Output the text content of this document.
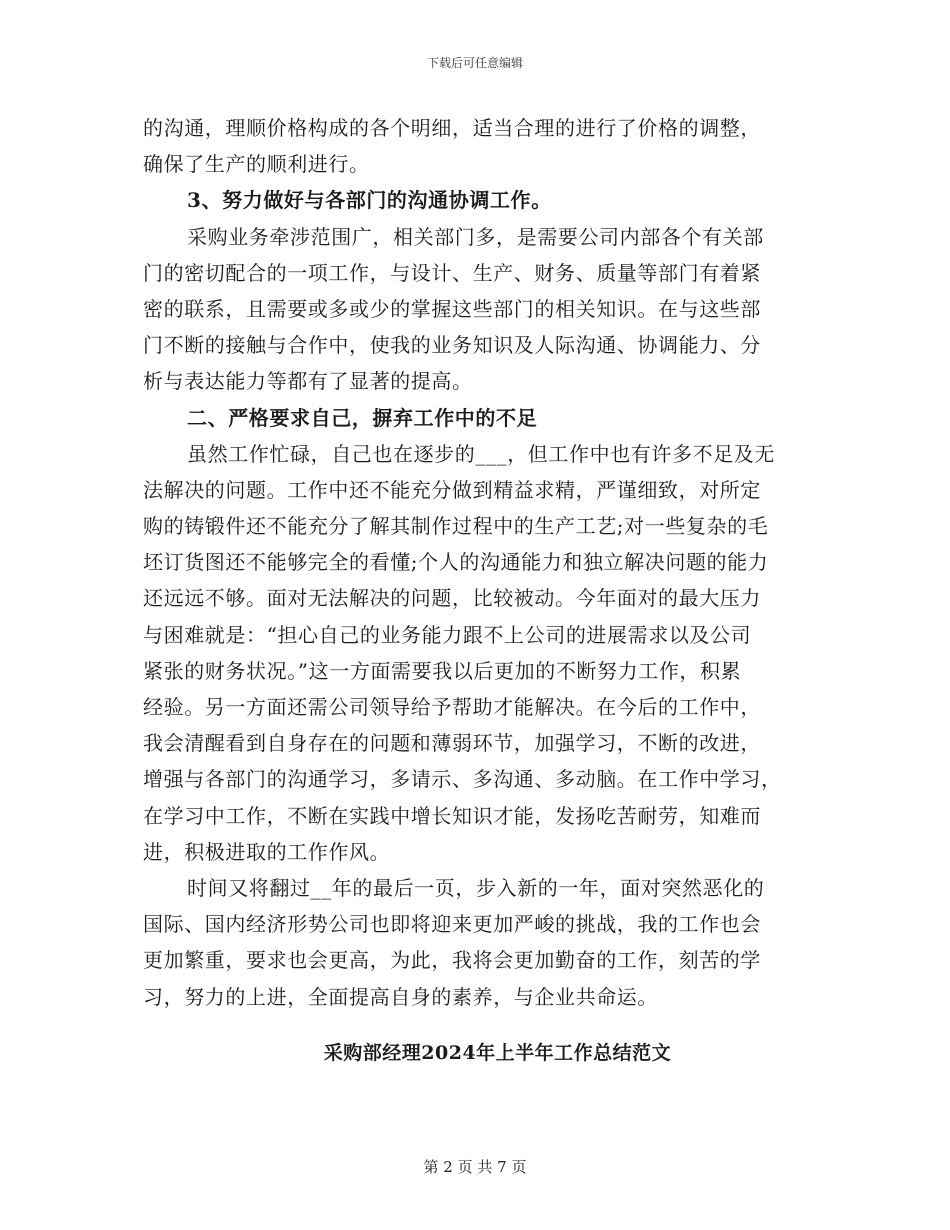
下载后可任意编辑
的沟通，理顺价格构成的各个明细，适当合理的进行了价格的调整，
确保了生产的顺利进行。
3、努力做好与各部门的沟通协调工作。
采购业务牵涉范围广，相关部门多，是需要公司内部各个有关部
门的密切配合的一项工作，与设计、生产、财务、质量等部门有着紧
密的联系，且需要或多或少的掌握这些部门的相关知识。在与这些部
门不断的接触与合作中，使我的业务知识及人际沟通、协调能力、分
析与表达能力等都有了显著的提高。
二、严格要求自己，摒弃工作中的不足
虽然工作忙碌，自己也在逐步的___，但工作中也有许多不足及无
法解决的问题。工作中还不能充分做到精益求精，严谨细致，对所定
购的铸锻件还不能充分了解其制作过程中的生产工艺;对一些复杂的毛
坯订货图还不能够完全的看懂;个人的沟通能力和独立解决问题的能力
还远远不够。面对无法解决的问题，比较被动。今年面对的最大压力
与困难就是：“担心自己的业务能力跟不上公司的进展需求以及公司
紧张的财务状况。”这一方面需要我以后更加的不断努力工作，积累
经验。另一方面还需公司领导给予帮助才能解决。在今后的工作中，
我会清醒看到自身存在的问题和薄弱环节，加强学习，不断的改进，
增强与各部门的沟通学习，多请示、多沟通、多动脑。在工作中学习，
在学习中工作，不断在实践中增长知识才能，发扬吃苦耐劳，知难而
进，积极进取的工作作风。
时间又将翻过__年的最后一页，步入新的一年，面对突然恶化的
国际、国内经济形势公司也即将迎来更加严峻的挑战，我的工作也会
更加繁重，要求也会更高，为此，我将会更加勤奋的工作，刻苦的学
习，努力的上进，全面提高自身的素养，与企业共命运。
采购部经理2024年上半年工作总结范文
第 2 页 共 7 页
